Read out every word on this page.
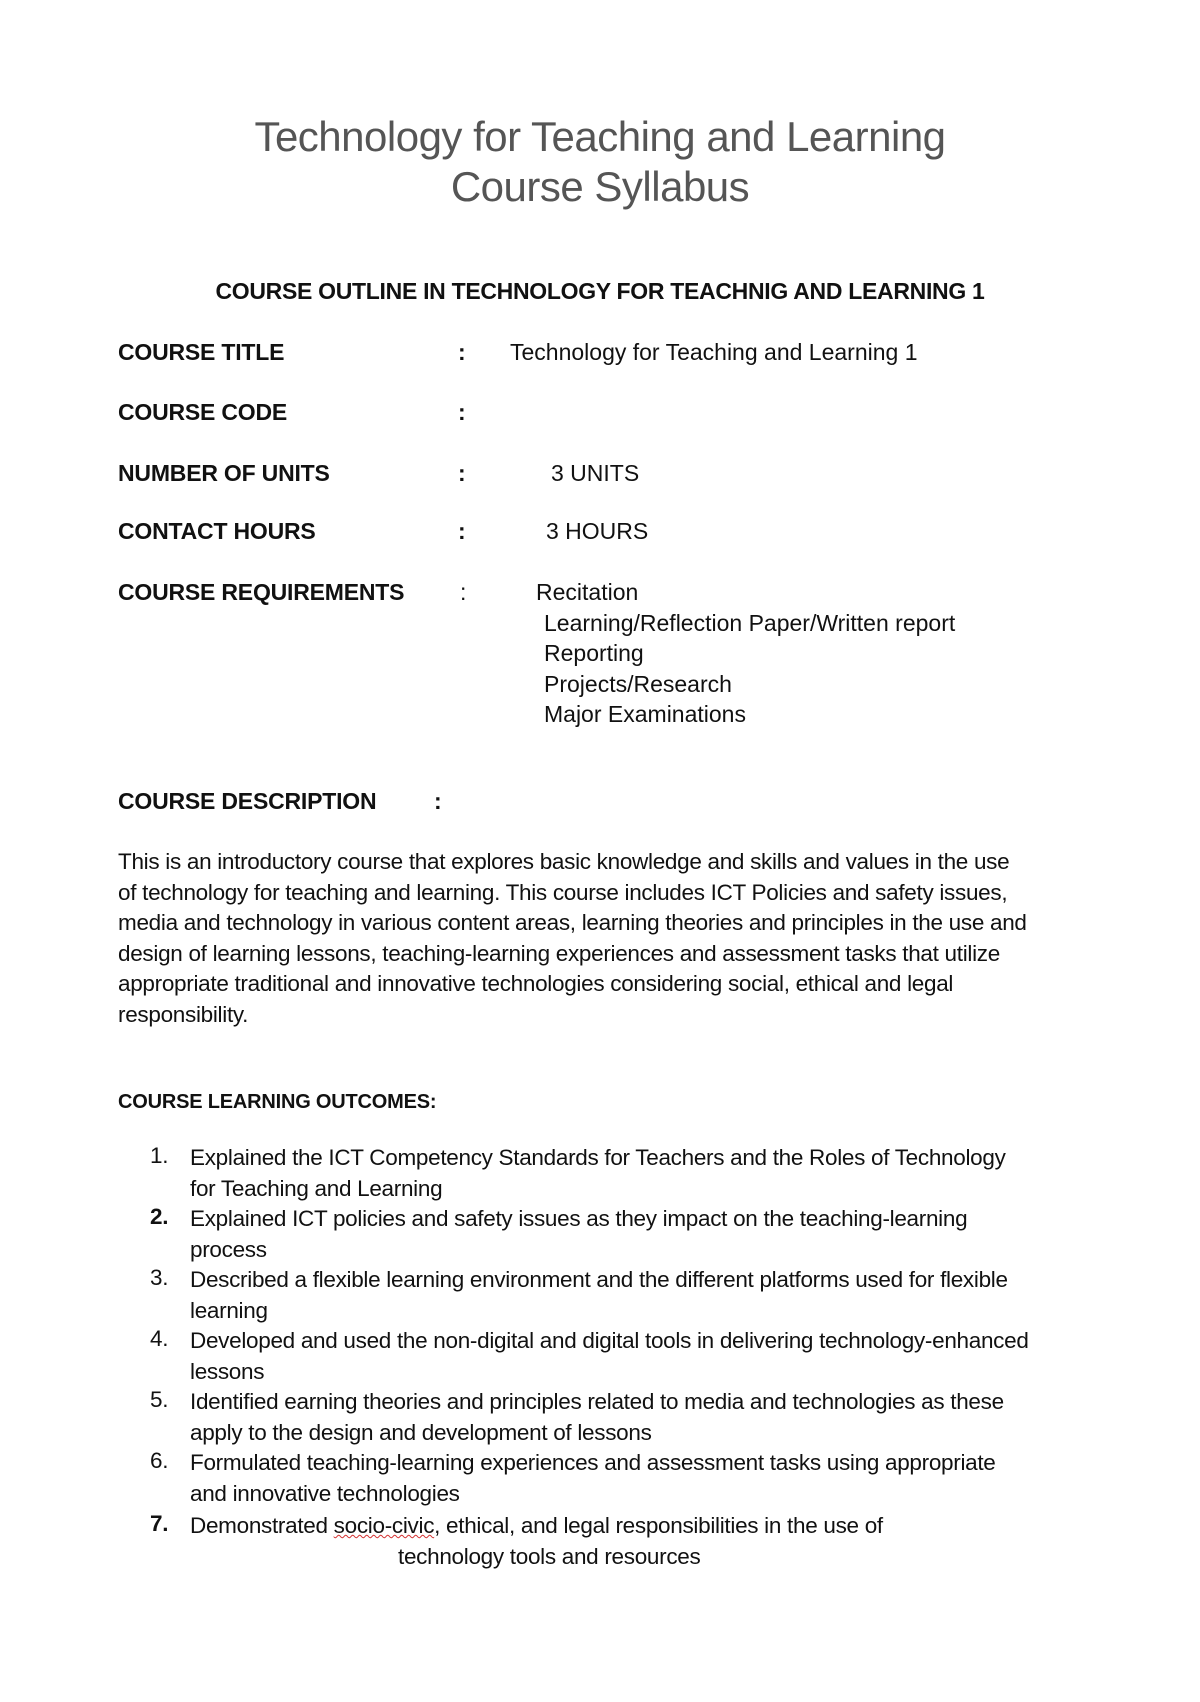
Technology for Teaching and Learning
Course Syllabus
COURSE OUTLINE IN TECHNOLOGY FOR TEACHNIG AND LEARNING 1
COURSE TITLE	: Technology for Teaching and Learning 1
COURSE CODE	:
NUMBER OF UNITS	:	3 UNITS
CONTACT HOURS	:	3 HOURS
COURSE REQUIREMENTS :	Recitation
Learning/Reflection Paper/Written report
Reporting
Projects/Research
Major Examinations
COURSE DESCRIPTION	:

This is an introductory course that explores basic knowledge and skills and values in the use of technology for teaching and learning. This course includes ICT Policies and safety issues, media and technology in various content areas, learning theories and principles in the use and design of learning lessons, teaching-learning experiences and assessment tasks that utilize appropriate traditional and innovative technologies considering social, ethical and legal responsibility.

COURSE LEARNING OUTCOMES:
1. Explained the ICT Competency Standards for Teachers and the Roles of Technology for Teaching and Learning
2. Explained ICT policies and safety issues as they impact on the teaching-learning process
3. Described a flexible learning environment and the different platforms used for flexible learning
4. Developed and used the non-digital and digital tools in delivering technology-enhanced lessons
5. Identified earning theories and principles related to media and technologies as these apply to the design and development of lessons
6. Formulated teaching-learning experiences and assessment tasks using appropriate and innovative technologies
7. Demonstrated socio-civic, ethical, and legal responsibilities in the use of
technology tools and resources
